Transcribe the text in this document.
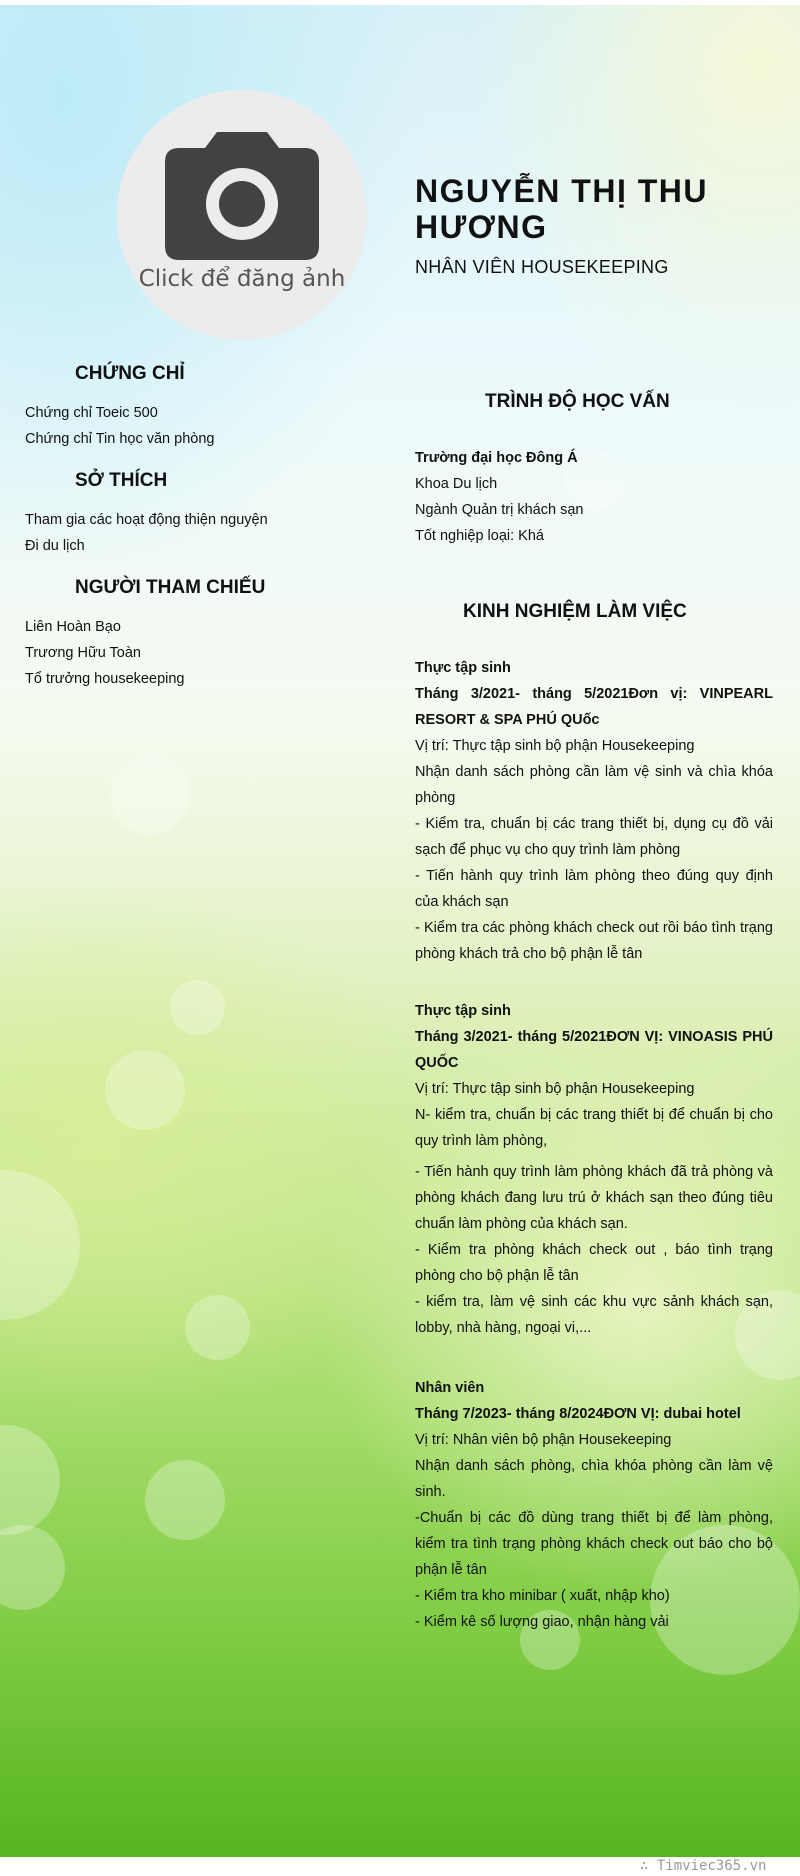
Click để đăng ảnh
NGUYỄN THỊ THU HƯƠNG
NHÂN VIÊN HOUSEKEEPING
CHỨNG CHỈ
Chứng chỉ Toeic 500
Chứng chỉ Tin học văn phòng
SỞ THÍCH
Tham gia các hoạt động thiện nguyện
Đi du lịch
NGƯỜI THAM CHIẾU
Liên Hoàn Bạo
Trương Hữu Toàn
Tổ trưởng housekeeping
TRÌNH ĐỘ HỌC VẤN

Trường đại học Đông Á

Khoa Du lịch

Ngành Quản trị khách sạn

Tốt nghiệp loại: Khá

KINH NGHIỆM LÀM VIỆC

Thực tập sinh

Tháng 3/2021- tháng 5/2021Đơn vị: VINPEARL RESORT & SPA PHÚ QUốc

Vị trí: Thực tập sinh bộ phận Housekeeping

Nhận danh sách phòng cần làm vệ sinh và chìa khóa phòng

- Kiểm tra, chuẩn bị các trang thiết bị, dụng cụ đồ vải sạch để phục vụ cho quy trình làm phòng

- Tiến hành quy trình làm phòng theo đúng quy định của khách sạn

- Kiểm tra các phòng khách check out rồi báo tình trạng phòng khách trả cho bộ phận lễ tân

Thực tập sinh

Tháng 3/2021- tháng 5/2021ĐƠN VỊ: VINOASIS PHÚ QUỐC

Vị trí: Thực tập sinh bộ phận Housekeeping

N- kiểm tra, chuẩn bị các trang thiết bị để chuẩn bị cho quy trình làm phòng,

- Tiến hành quy trình làm phòng khách đã trả phòng và phòng khách đang lưu trú ở khách sạn theo đúng tiêu chuẩn làm phòng của khách sạn.

- Kiểm tra phòng khách check out , báo tình trạng phòng cho bộ phận lễ tân

- kiểm tra, làm vệ sinh các khu vực sảnh khách sạn, lobby, nhà hàng, ngoại vi,...

Nhân viên

Tháng 7/2023- tháng 8/2024ĐƠN VỊ: dubai hotel

Vị trí: Nhân viên bộ phận Housekeeping

Nhận danh sách phòng, chìa khóa phòng cần làm vệ sinh.

-Chuẩn bị các đồ dùng trang thiết bị để làm phòng, kiểm tra tình trạng phòng khách check out báo cho bộ phận lễ tân

- Kiểm tra kho minibar ( xuất, nhập kho)

- Kiểm kê số lượng giao, nhận hàng vải

∴ Timviec365.vn
